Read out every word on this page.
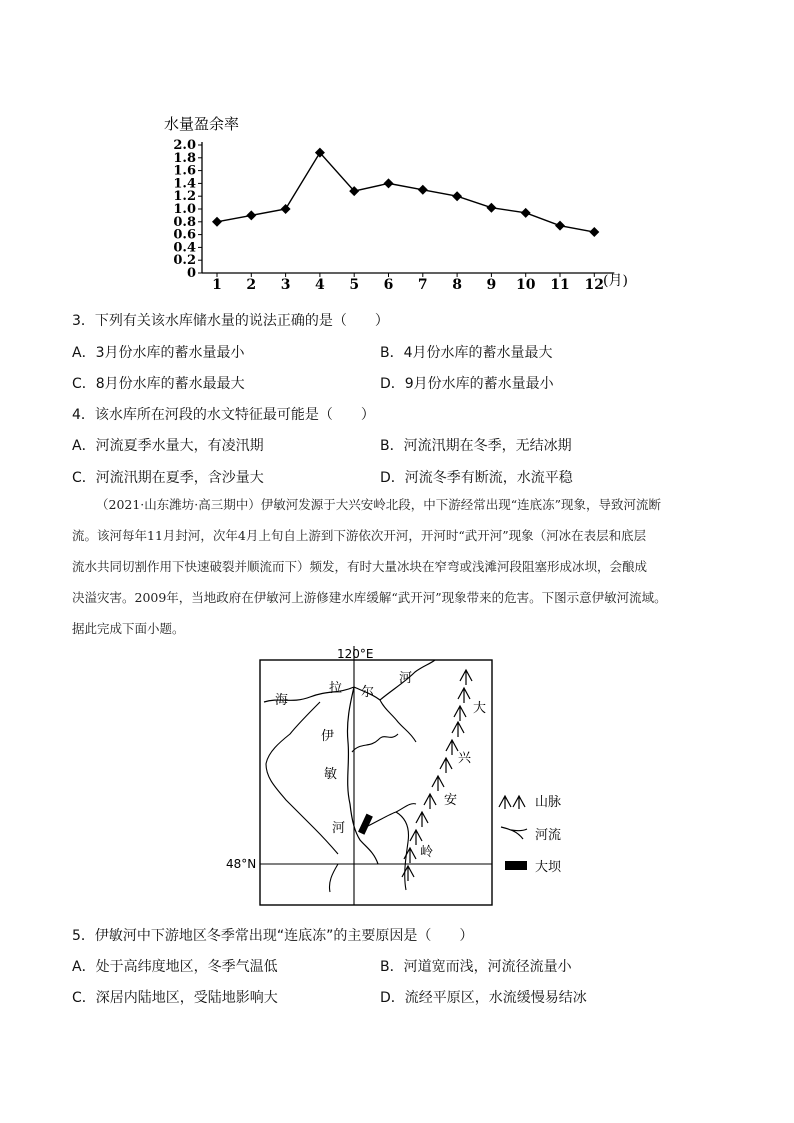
水量盈余率
0
0.2
0.4
0.6
0.8
1.0
1.2
1.4
1.6
1.8
2.0
1 2 3 4 5 6 7 8 9 10 11 12
(月)
3．下列有关该水库储水量的说法正确的是（　　）
A．3月份水库的蓄水量最小	B．4月份水库的蓄水量最大
C．8月份水库的蓄水最最大	D．9月份水库的蓄水量最小
4．该水库所在河段的水文特征最可能是（　　）
A．河流夏季水量大，有凌汛期	B．河流汛期在冬季，无结冰期
C．河流汛期在夏季，含沙量大	D．河流冬季有断流，水流平稳

（2021·山东潍坊·高三期中）伊敏河发源于大兴安岭北段，中下游经常出现“连底冻”现象，导致河流断

流。该河每年11月封河，次年4月上旬自上游到下游依次开河，开河时“武开河”现象（河冰在表层和底层

流水共同切割作用下快速破裂并顺流而下）频发，有时大量冰块在窄弯或浅滩河段阻塞形成冰坝，会酿成

决溢灾害。2009年，当地政府在伊敏河上游修建水库缓解“武开河”现象带来的危害。下图示意伊敏河流域。

据此完成下面小题。

120°E
48°N
海
拉 尔
河
伊
敏
河
大
兴
安
岭
山脉
河流
大坝
5．伊敏河中下游地区冬季常出现“连底冻”的主要原因是（　　）
A．处于高纬度地区，冬季气温低	B．河道宽而浅，河流径流量小
C．深居内陆地区，受陆地影响大	D．流经平原区，水流缓慢易结冰
